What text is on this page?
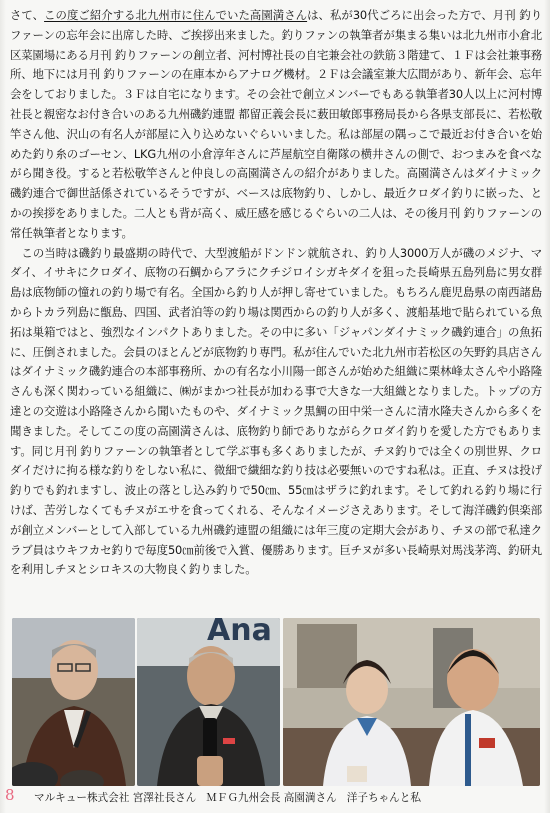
さて、この度ご紹介する北九州市に住んでいた高園満さんは、私が30代ごろに出会った方で、月刊 釣りファーンの忘年会に出席した時、ご挨拶出来ました。釣りファンの執筆者が集まる集いは北九州市小倉北区菜園場にある月刊 釣りファーンの創立者、河村博社長の自宅兼会社の鉄筋３階建て、１Ｆは会社兼事務所、地下には月刊 釣りファーンの在庫本からアナログ機材。２Ｆは会議室兼大広間があり、新年会、忘年会をしておりました。３Ｆは自宅になります。その会社で創立メンバーでもある執筆者30人以上に河村博社長と親密なお付き合いのある九州磯釣連盟 都留正義会長に薮田敏郎事務局長から各県支部長に、若松敬竿さん他、沢山の有名人が部屋に入り込めないぐらいいました。私は部屋の隅っこで最近お付き合いを始めた釣り糸のゴーセン、LKG九州の小倉淳年さんに芦屋航空自衛隊の横井さんの側で、おつまみを食べながら聞き役。すると若松敬竿さんと仲良しの高園満さんの紹介がありました。高園満さんはダイナミック磯釣連合で御世話係されているそうですが、ベースは底物釣り、しかし、最近クロダイ釣りに嵌った、とかの挨拶をありました。二人とも背が高く、威圧感を感じるぐらいの二人は、その後月刊 釣りファーンの常任執筆者となります。

この当時は磯釣り最盛期の時代で、大型渡船がドンドン就航され、釣り人3000万人が磯のメジナ、マダイ、イサキにクロダイ、底物の石鯛からアラにクチジロイシガキダイを狙った長崎県五島列島に男女群島は底物師の憧れの釣り場で有名。全国から釣り人が押し寄せていました。もちろん鹿児島県の南西諸島からトカラ列島に甑島、四国、武者泊等の釣り場は関西からの釣り人が多く、渡船基地で貼られている魚拓は巣箱ではと、強烈なインパクトありました。その中に多い「ジャパンダイナミック磯釣連合」の魚拓に、圧倒されました。会員のほとんどが底物釣り専門。私が住んでいた北九州市若松区の矢野釣具店さんはダイナミック磯釣連合の本部事務所、かの有名な小川陽一郎さんが始めた組織に栗林峰太さんや小路隆さんも深く関わっている組織に、㈱がまかつ社長が加わる事で大きな一大組織となりました。トップの方達との交遊は小路隆さんから聞いたものや、ダイナミック黒鯛の田中栄一さんに清水隆夫さんから多くを聞きました。そしてこの度の高園満さんは、底物釣り師でありながらクロダイ釣りを愛した方でもあります。同じ月刊 釣りファーンの執筆者として学ぶ事も多くありましたが、チヌ釣りでは全くの別世界、クロダイだけに拘る様な釣りをしない私に、微細で繊細な釣り技は必要無いのですね私は。正直、チヌは投げ釣りでも釣れますし、波止の落とし込み釣りで50㎝、55㎝はザラに釣れます。そして釣れる釣り場に行けば、苦労しなくてもチヌがエサを食ってくれる、そんなイメージさえあります。そして海洋磯釣倶楽部が創立メンバーとして入部している九州磯釣連盟の組織には年三度の定期大会があり、チヌの部で私達クラブ員はウキフカセ釣りで毎度50㎝前後で入賞、優勝あります。巨チヌが多い長崎県対馬浅茅湾、釣研丸を利用しチヌとシロキスの大物良く釣りました。

Ana
8 マルキュー株式会社 宮澤社長さん ＭＦＧ九州会長 高園満さん 洋子ちゃんと私
